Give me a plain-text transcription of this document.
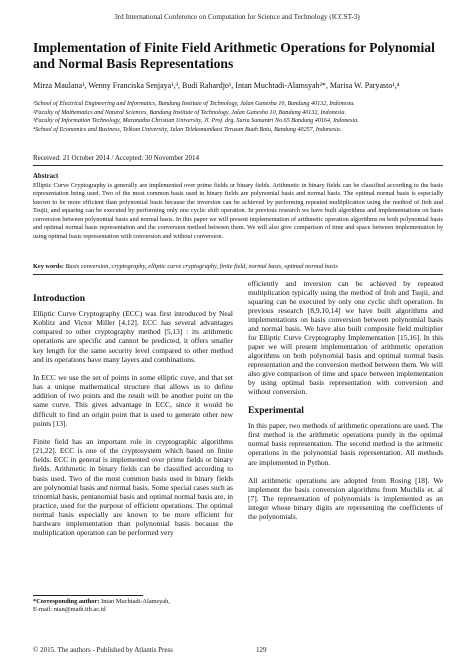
3rd International Conference on Computation for Science and Technology (ICCST-3)
Implementation of Finite Field Arithmetic Operations for Polynomial and Normal Basis Representations
Mirza Maulana¹, Wenny Franciska Senjaya¹,³, Budi Rahardjo¹, Intan Muchtadi-Alamsyah²*, Marisa W. Paryasto¹,⁴
¹School of Electrical Engineering and Informatics, Bandung Institute of Technology, Jalan Ganesha 10, Bandung 40132, Indonesia.
²Faculty of Mathematics and Natural Sciences, Bandung Institute of Technology, Jalan Ganesha 10, Bandung 40132, Indonesia.
³Faculty of Information Technology, Maranatha Christian University, Jl. Prof. drg. Suria Sumantri No.65 Bandung 40164, Indonesia.
⁴School of Economics and Business, Telkom University, Jalan Telekomunikasi Terusan Buah Batu, Bandung 40257, Indonesia.
Received: 21 October 2014 / Accepted: 30 November 2014
Abstract
Elliptic Curve Cryptography is generally are implemented over prime fields or binary fields. Arithmetic in binary fields can be classified according to the basis representation being used. Two of the most common basis used in binary fields are polynomial basis and normal basis. The optimal normal basis is especially known to be more efficient than polynomial basis because the inversion can be achieved by performing repeated multiplication using the method of Itoh and Tsujii, and squaring can be executed by performing only one cyclic shift operation. In previous research we have built algorithms and implementations on basis conversion between polynomial basis and normal basis. In this paper we will present implementation of arithmetic operation algorithms on both polynomial basis and optimal normal basis representation and the conversion method between them. We will also give comparison of time and space between implementation by using optimal basis representation with conversion and without conversion.
Key words: Basis conversion, cryptography, elliptic curve cryptography, finite field, normal basis, optimal normal basis
Introduction

Elliptic Curve Cryptography (ECC) was first introduced by Neal Koblitz and Victor Miller [4,12]. ECC has several advantages compared to other cryptography method [5,13] : its arithmetic operations are specific and cannot be predicted, it offers smaller key length for the same security level compared to other method and its operations have many layers and combinations.

In ECC we use the set of points in some elliptic cuve, and that set has a unique mathematical structure that allows us to define addition of two points and the result will be another point on the same curve. This gives advantage in ECC, since it would be difficult to find an origin point that is used to generate other new points [13].

Finite field has an important role in cryptographic algorithms [21,22]. ECC is one of the cryptosystem which based on finite fields. ECC in general is implemented over prime fields or binary fields. Arithmetic in binary fields can be classified according to basis used. Two of the most common basis used in binary fields are polynomial basis and normal basis. Some special cases such as trinomial basis, pentanomial basis and optimal normal basis are, in practice, used for the purpose of efficient operations. The optimal normal basis especially are known to be more efficient for hardware implementation than polynomial basis because the multiplication operation can be performed very

efficiently and inversion can be achieved by repeated multiplication typically using the method of Itoh and Tsujii, and squaring can be executed by only one cyclic shift operation. In previous research [8,9,10,14] we have built algorithms and implementations on basis conversion between polynomial basis and normal basis. We have also built composite field multiplier for Elliptic Curve Cryptography Implementation [15,16]. In this paper we will present implementation of arithmetic operation algorithms on both polynomial basis and optimal normal basis representation and the conversion method between them. We will also give comparison of time and space between implementation by using optimal basis representation with conversion and without conversion.

Experimental

In this paper, two methods of arithmetic operations are used. The first method is the arithmetic operations purely in the optimal normal basis representation. The second method is the aritmetic operations in the polynomial basis representation. All methods are implemented in Python.

All arithmetic operations are adopted from Rosing [18]. We implement the basis conversion algorithms from Muchlis et. al [7]. The representation of polynomials is implemented as an integer whose binary digits are representing the coefficients of the polynomials.

*Corresponding author: Intan Muchtadi-Alamsyah,
E-mail: ntan@math.itb.ac.id
© 2015. The authors - Published by Atlantis Press	129
